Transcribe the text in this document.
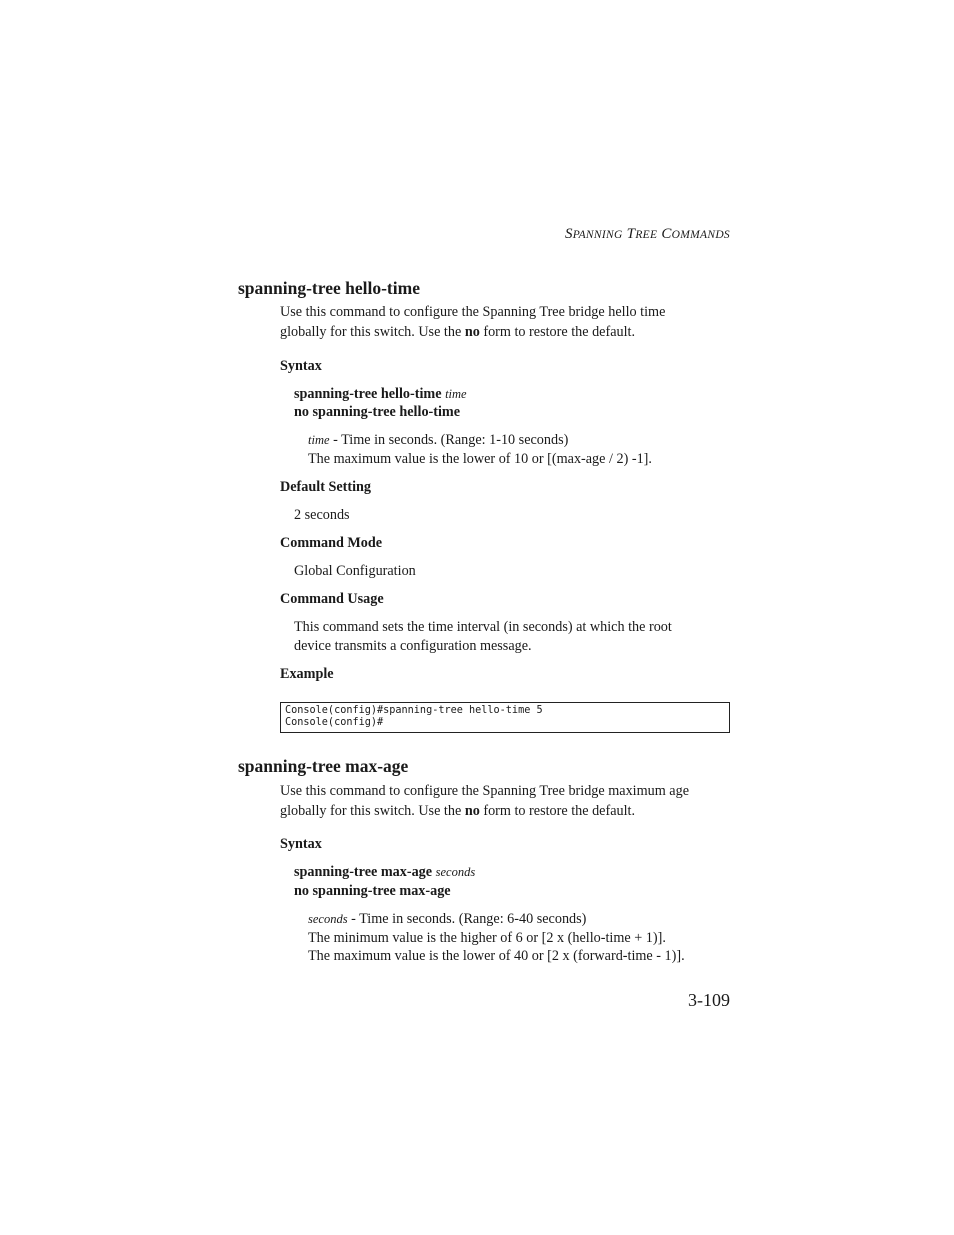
SPANNING TREE COMMANDS
spanning-tree hello-time
Use this command to configure the Spanning Tree bridge hello time
globally for this switch. Use the no form to restore the default.
Syntax
spanning-tree hello-time time
no spanning-tree hello-time
time - Time in seconds. (Range: 1-10 seconds)
The maximum value is the lower of 10 or [(max-age / 2) -1].
Default Setting
2 seconds
Command Mode
Global Configuration
Command Usage
This command sets the time interval (in seconds) at which the root
device transmits a configuration message.
Example
Console(config)#spanning-tree hello-time 5
Console(config)#
spanning-tree max-age
Use this command to configure the Spanning Tree bridge maximum age
globally for this switch. Use the no form to restore the default.
Syntax
spanning-tree max-age seconds
no spanning-tree max-age
seconds - Time in seconds. (Range: 6-40 seconds)
The minimum value is the higher of 6 or [2 x (hello-time + 1)].
The maximum value is the lower of 40 or [2 x (forward-time - 1)].
3-109
